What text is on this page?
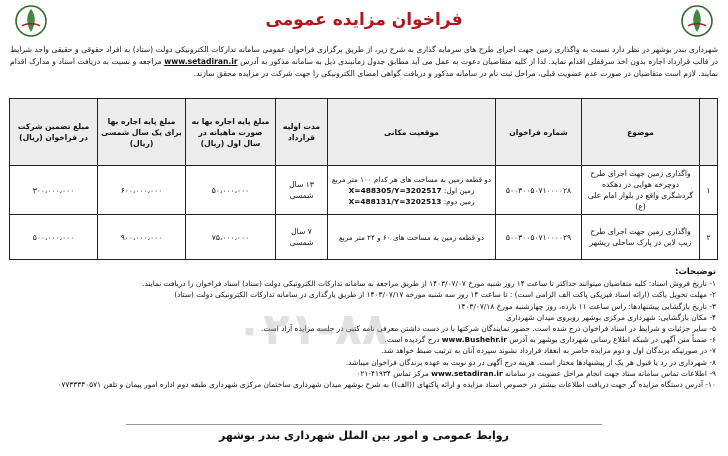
فراخوان مزایده عمومی
شهرداری بندر بوشهر در نظر دارد نسبت به واگذاری زمین جهت اجرای طرح های سرمایه گذاری به شرح زیر، از طریق برگزاری فراخوان عمومی سامانه تدارکات الکترونیکی دولت (ستاد) به افراد حقوقی و حقیقی واجد شرایط در قالب قرارداد اجاره بدون اخذ سرقفلی اقدام نماید. لذا از کلیه متقاضیان دعوت به عمل می آید مطابق جدول زمانبندی ذیل به سامانه مذکور به آدرس www.setadiran.ir مراجعه و نسبت به دریافت اسناد و مدارک اقدام نمایند. لازم است متقاضیان در صورت عدم عضویت قبلی، مراحل ثبت نام در سامانه مذکور و دریافت گواهی امضای الکترونیکی را جهت شرکت در مزایده محقق سازند.
	موضوع	شماره فراخوان	موقعیت مکانی	مدت اولیه قرارداد	مبلغ پایه اجاره بها به صورت ماهیانه در سال اول (ریال)	مبلغ پایه اجاره بها برای یک سال شمسی (ریال)	مبلغ تضمین شرکت در فراخوان (ریال)
۱	واگذاری زمین جهت اجرای طرح دوچرخه هوایی در دهکده گردشگری واقع در بلوار امام علی (ع)	۵۰۰۳۰۰۵۰۷۱۰۰۰۰۲۸	دو قطعه زمین به مساحت های هر کدام ۱۰۰ متر مربع
زمین اول: X=488305/Y=3202517
زمین دوم: X=488131/Y=3202513	۱۳ سال شمسی	۵۰،۰۰۰،۰۰۰	۶۰۰،۰۰۰،۰۰۰	۳۰۰،۰۰۰،۰۰۰
۲	واگذاری زمین جهت اجرای طرح زیپ لاین در پارک ساحلی ریشهر	۵۰۰۳۰۰۵۰۷۱۰۰۰۰۲۹	دو قطعه زمین به مساحت های ۶۰ و ۲۴ متر مربع	۷ سال شمسی	۷۵،۰۰۰،۰۰۰	۹۰۰،۰۰۰،۰۰۰	۵۰۰،۰۰۰،۰۰۰
توضیحات:
۱- تاریخ فروش اسناد: کلیه متقاضیان میتوانند حداکثر تا ساعت ۱۴ روز شنبه مورخ ۱۴۰۳/۰۷/۰۷ از طریق مراجعه به سامانه تدارکات الکترونیکی دولت (ستاد) اسناد فراخوان را دریافت نمایند.
۲- مهلت تحویل پاکت (ارائه اسناد فیزیکی پاکت الف الزامی است) : تا ساعت ۱۴ روز سه شنبه مورخه ۱۴۰۳/۰۷/۱۷ از طریق بارگذاری در سامانه تدارکات الکترونیکی دولت (ستاد)
۳- تاریخ بازگشایی پیشنهادها: راس ساعت ۱۱ بازده، روز چهارشنبه مورخ ۱۴۰۳/۰۷/۱۸
۴- مکان بازگشایی: شهرداری مرکزی بوشهر روبروی میدان شهرداری
۵- سایر جزئیات و شرایط در اسناد فراخوان درج شده است. حضور نمایندگان شرکتها با در دست داشتن معرفی نامه کتبی در جلسه مزایده آزاد است.
۶- ضمناً متن آگهی در شبکه اطلاع رسانی شهرداری بوشهر به آدرس www.Bushehr.ir درج گردیده است.
۷- در صورتیکه برندگان اول و دوم مزایده حاضر به انعقاد قرارداد نشوند سپرده آنان به ترتیب ضبط خواهد شد.
۸- شهرداری در رد یا قبول هر یک از پیشنهادها مختار است. هزینه درج آگهی در دو نوبت به عهده برندگان فراخوان میباشد.
۹- اطلاعات تماس سامانه ستاد جهت انجام مراحل عضویت در سامانه www.setadiran.ir مرکز تماس ۴۱۹۳۴-۰۲۱
۱۰- آدرس دستگاه مزایده گر جهت دریافت اطلاعات بیشتر در خصوص اسناد مزایده و ارائه پاکتهای ((الف)) به شرح بوشهر میدان شهرداری ساختمان مرکزی شهرداری طبقه دوم اداره امور پیمان و تلفن ۰۷۷۳۳۳۴۰۵۷۱
۰۲۱-۸۸
روابط عمومی و امور بین الملل شهرداری بندر بوشهر
